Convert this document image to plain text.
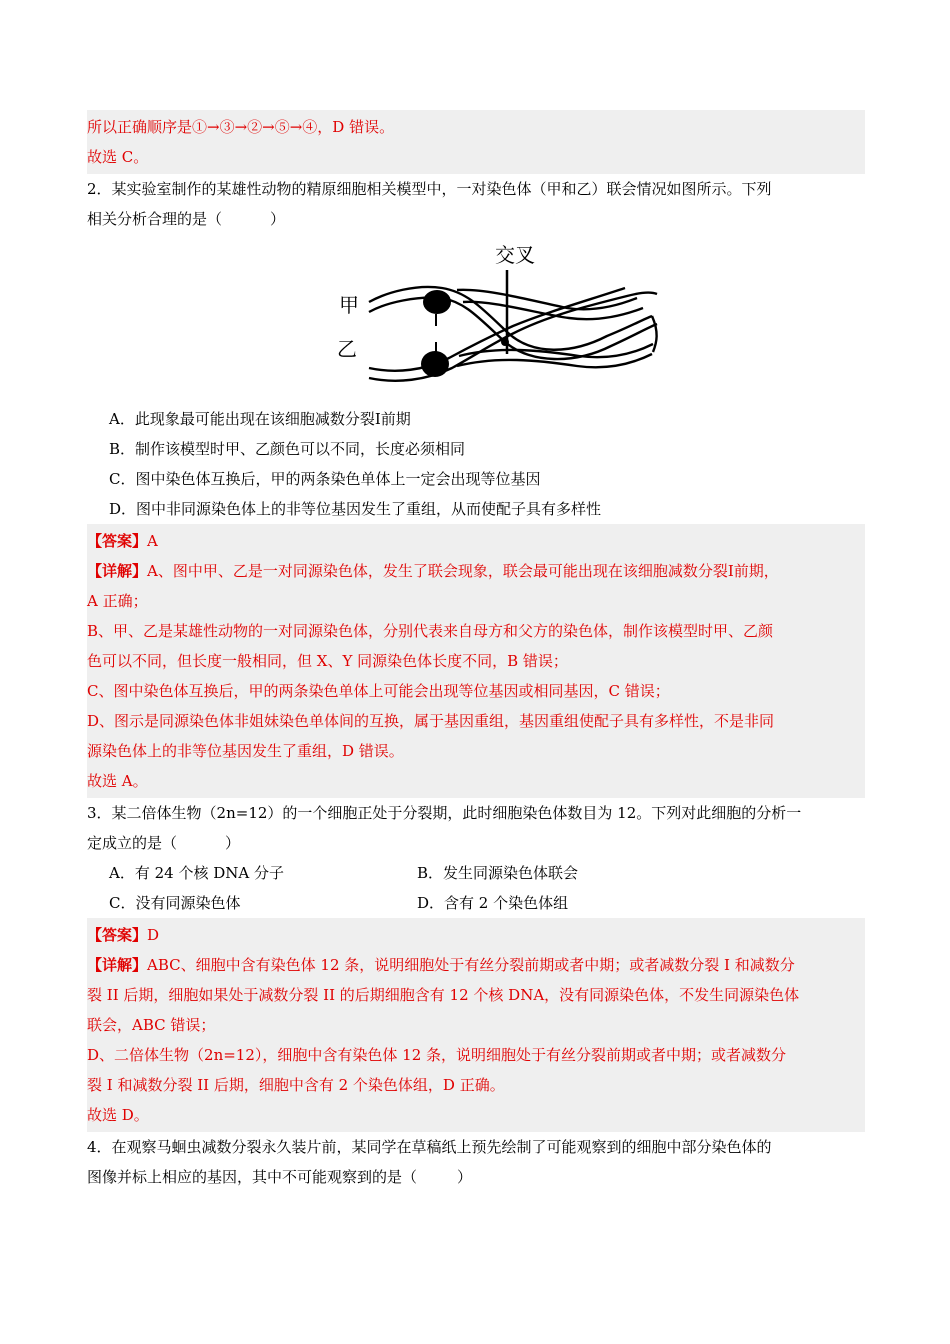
所以正确顺序是①→③→②→⑤→④，D 错误。
故选 C。
2．某实验室制作的某雄性动物的精原细胞相关模型中，一对染色体（甲和乙）联会情况如图所示。下列
相关分析合理的是（	）
交叉
甲
乙
A．此现象最可能出现在该细胞减数分裂Ⅰ前期
B．制作该模型时甲、乙颜色可以不同，长度必须相同
C．图中染色体互换后，甲的两条染色单体上一定会出现等位基因
D．图中非同源染色体上的非等位基因发生了重组，从而使配子具有多样性
【答案】A
【详解】A、图中甲、乙是一对同源染色体，发生了联会现象，联会最可能出现在该细胞减数分裂Ⅰ前期，
A 正确；
B、甲、乙是某雄性动物的一对同源染色体，分别代表来自母方和父方的染色体，制作该模型时甲、乙颜
色可以不同，但长度一般相同，但 X、Y 同源染色体长度不同，B 错误；
C、图中染色体互换后，甲的两条染色单体上可能会出现等位基因或相同基因，C 错误；
D、图示是同源染色体非姐妹染色单体间的互换，属于基因重组，基因重组使配子具有多样性，不是非同
源染色体上的非等位基因发生了重组，D 错误。
故选 A。
3．某二倍体生物（2n=12）的一个细胞正处于分裂期，此时细胞染色体数目为 12。下列对此细胞的分析一
定成立的是（	）
A．有 24 个核 DNA 分子	B．发生同源染色体联会
C．没有同源染色体	D．含有 2 个染色体组
【答案】D
【详解】ABC、细胞中含有染色体 12 条，说明细胞处于有丝分裂前期或者中期；或者减数分裂 I 和减数分
裂 II 后期，细胞如果处于减数分裂 II 的后期细胞含有 12 个核 DNA，没有同源染色体，不发生同源染色体
联会，ABC 错误；
D、二倍体生物（2n=12），细胞中含有染色体 12 条，说明细胞处于有丝分裂前期或者中期；或者减数分
裂 I 和减数分裂 II 后期，细胞中含有 2 个染色体组，D 正确。
故选 D。
4．在观察马蛔虫减数分裂永久装片前，某同学在草稿纸上预先绘制了可能观察到的细胞中部分染色体的
图像并标上相应的基因，其中不可能观察到的是（	）
